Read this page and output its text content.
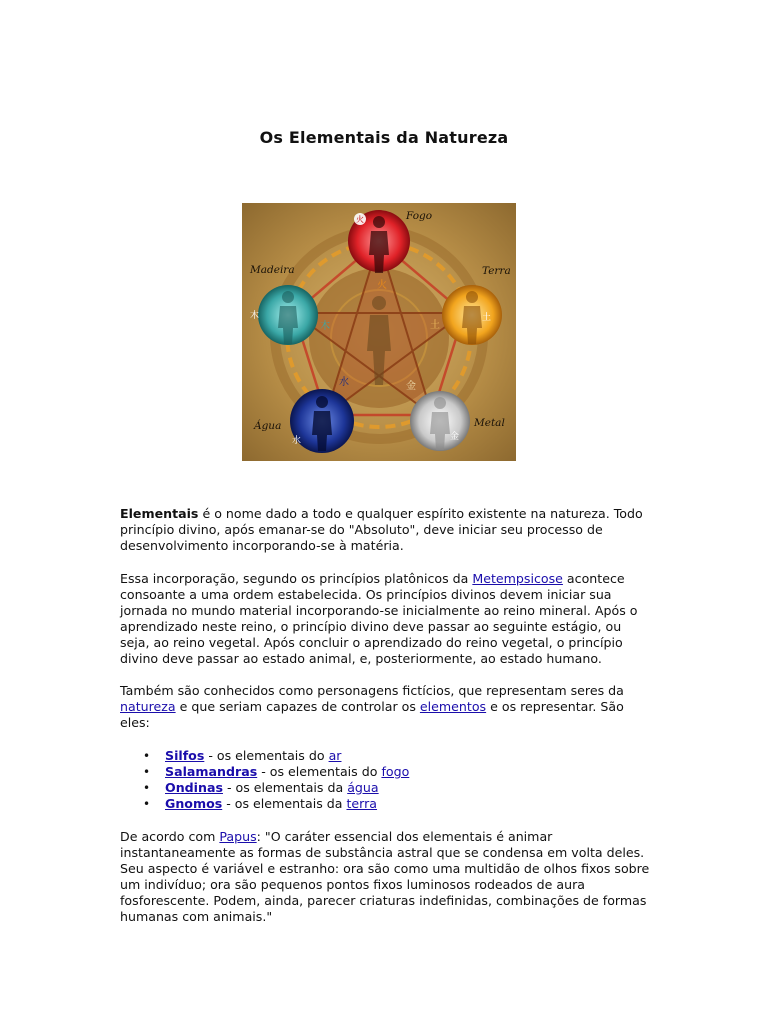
Os Elementais da Natureza
火
土
金
水
木
火
土
金
水
木
Fogo
Terra
Metal
Água
Madeira

Elementais é o nome dado a todo e qualquer espírito existente na natureza. Todo princípio divino, após emanar-se do "Absoluto", deve iniciar seu processo de desenvolvimento incorporando-se à matéria.

Essa incorporação, segundo os princípios platônicos da Metempsicose acontece consoante a uma ordem estabelecida. Os princípios divinos devem iniciar sua jornada no mundo material incorporando-se inicialmente ao reino mineral. Após o aprendizado neste reino, o princípio divino deve passar ao seguinte estágio, ou seja, ao reino vegetal. Após concluir o aprendizado do reino vegetal, o princípio divino deve passar ao estado animal, e, posteriormente, ao estado humano.

Também são conhecidos como personagens fictícios, que representam seres da natureza e que seriam capazes de controlar os elementos e os representar. São eles:

• Silfos - os elementais do ar
• Salamandras - os elementais do fogo
• Ondinas - os elementais da água
• Gnomos - os elementais da terra

De acordo com Papus: "O caráter essencial dos elementais é animar instantaneamente as formas de substância astral que se condensa em volta deles. Seu aspecto é variável e estranho: ora são como uma multidão de olhos fixos sobre um indivíduo; ora são pequenos pontos fixos luminosos rodeados de aura fosforescente. Podem, ainda, parecer criaturas indefinidas, combinações de formas humanas com animais."
